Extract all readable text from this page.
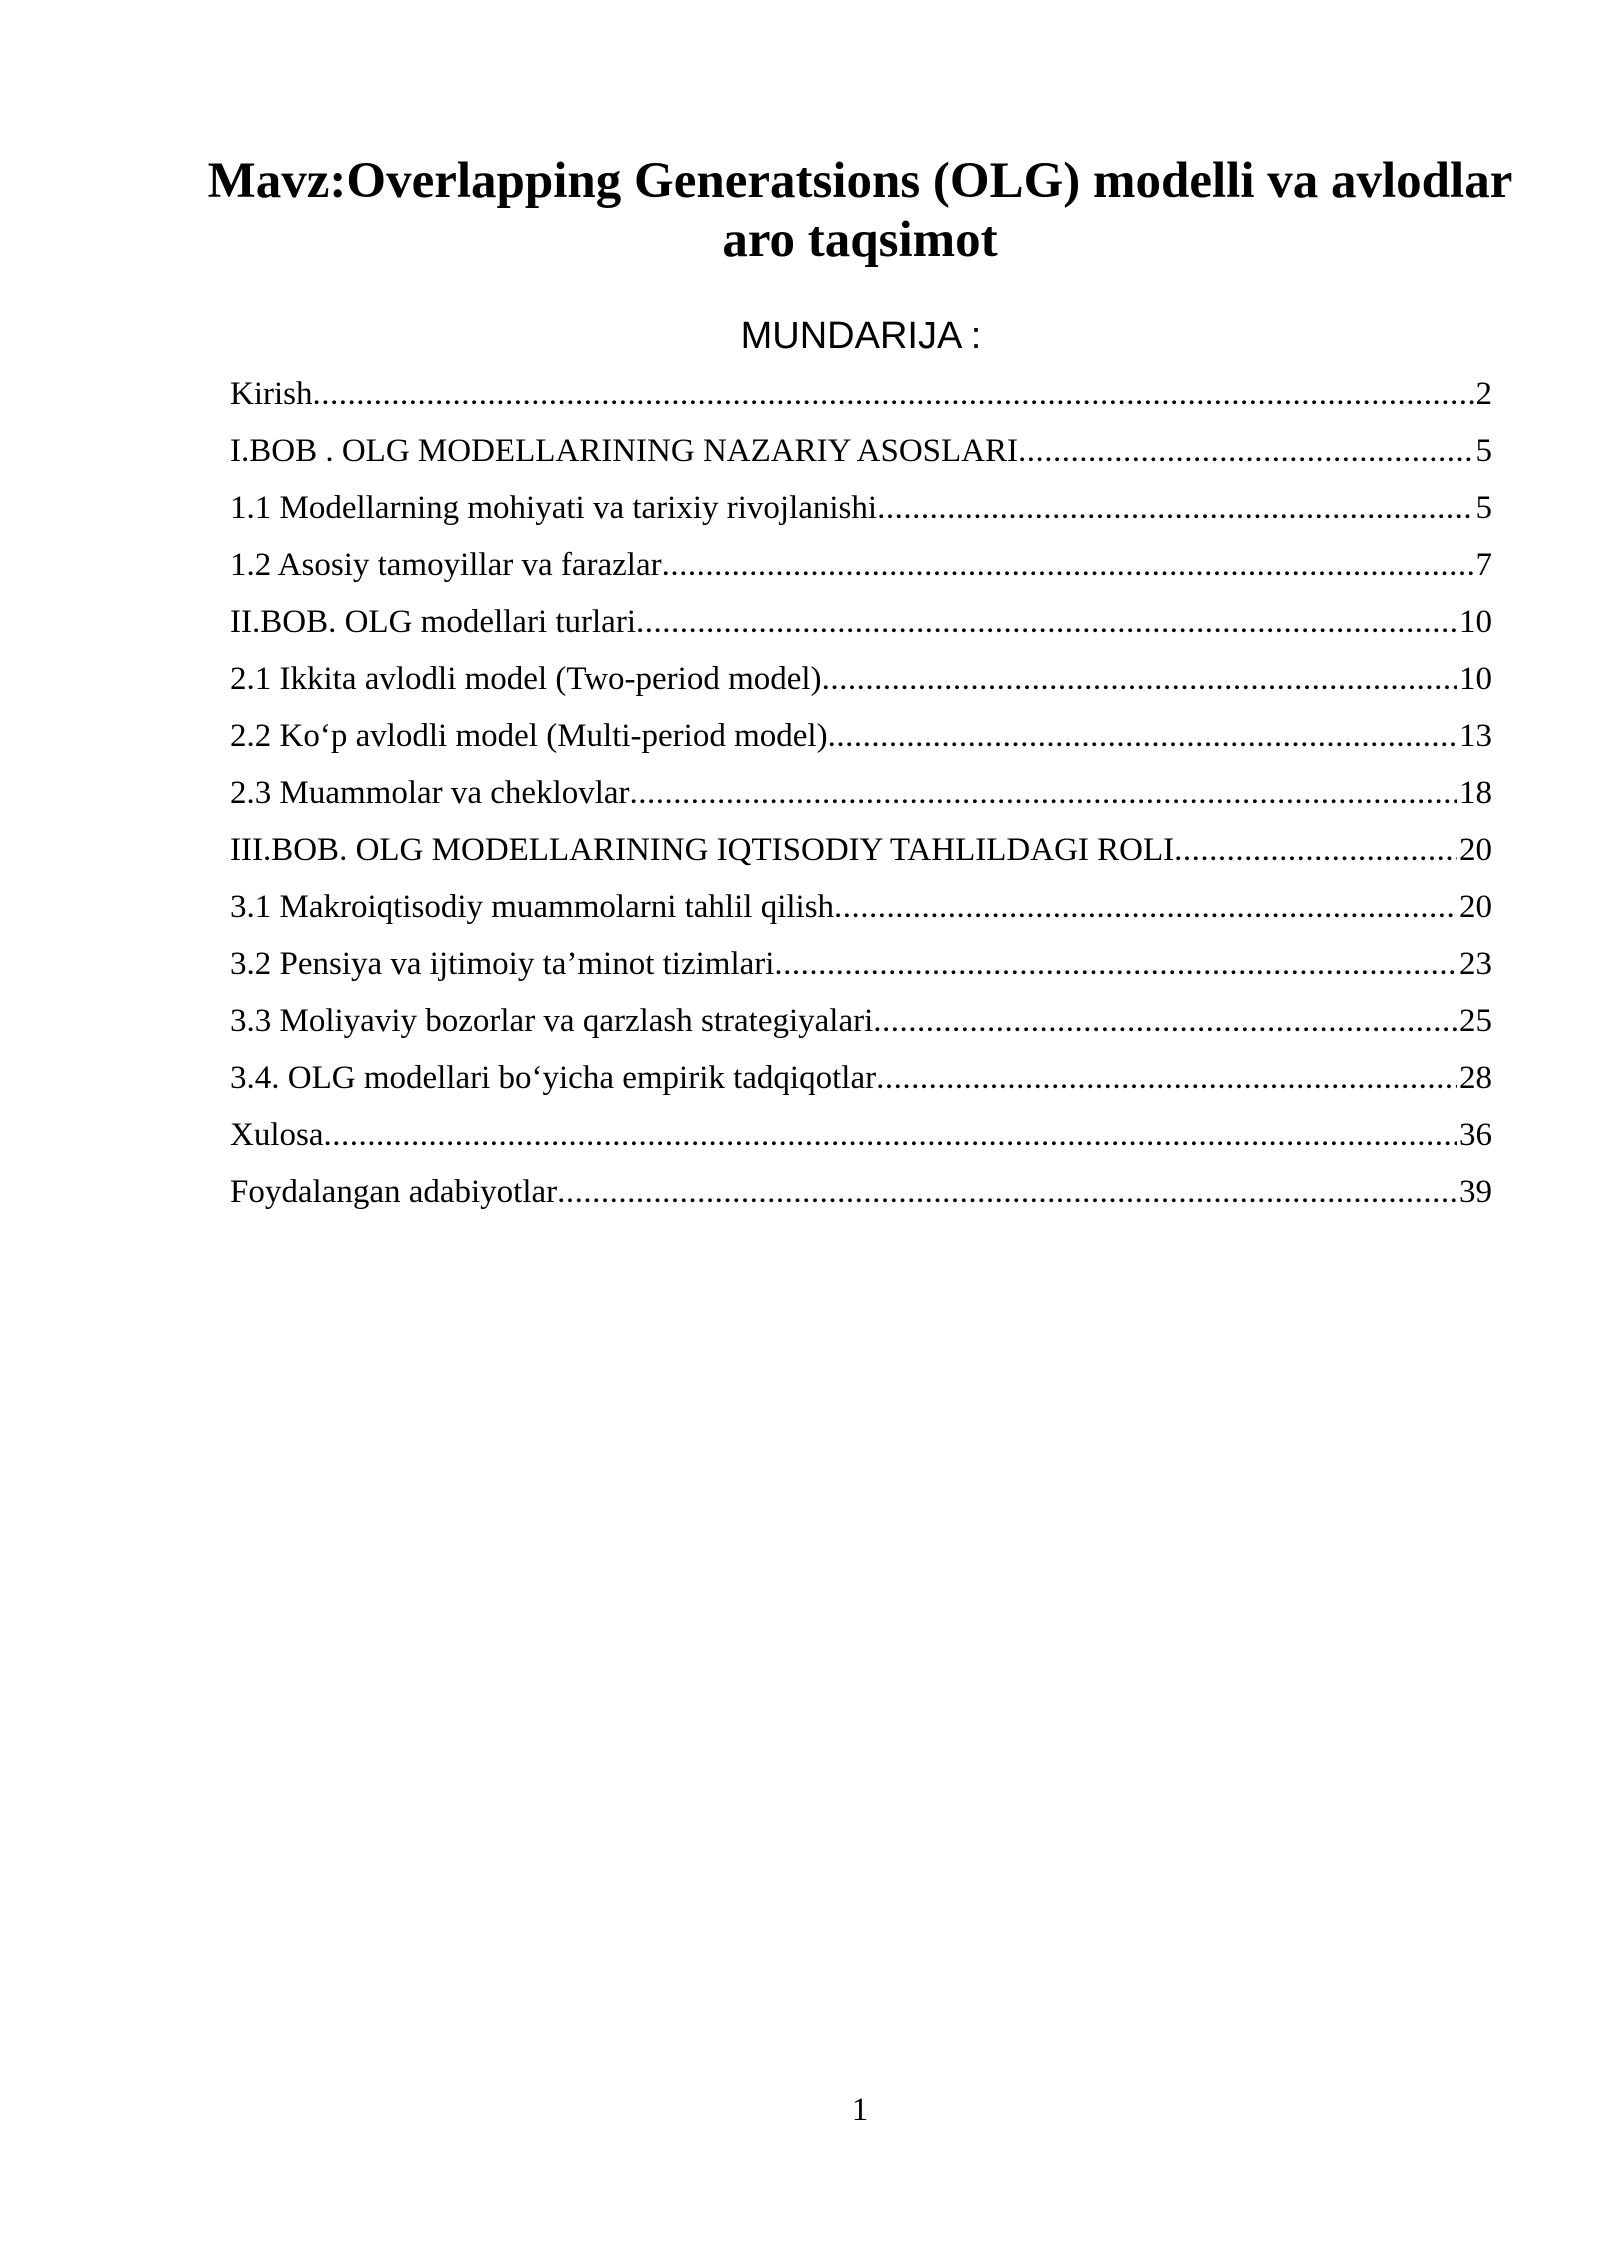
Mavz:Overlapping Generatsions (OLG) modelli va avlodlar aro taqsimot
MUNDARIJA :
Kirish .....	2
I.BOB . OLG MODELLARINING NAZARIY ASOSLARI .....	5
1.1 Modellarning mohiyati va tarixiy rivojlanishi .....	5
1.2 Asosiy tamoyillar va farazlar .....	7
II.BOB. OLG modellari turlari .....	10
2.1 Ikkita avlodli model (Two-period model) .....	10
2.2 Ko‘p avlodli model (Multi-period model) .....	13
2.3 Muammolar va cheklovlar .....	18
III.BOB. OLG MODELLARINING IQTISODIY TAHLILDAGI ROLI .....	20
3.1 Makroiqtisodiy muammolarni tahlil qilish .....	20
3.2 Pensiya va ijtimoiy ta’minot tizimlari .....	23
3.3 Moliyaviy bozorlar va qarzlash strategiyalari .....	25
3.4. OLG modellari bo‘yicha empirik tadqiqotlar .....	28
Xulosa .....	36
Foydalangan adabiyotlar .....	39

1
